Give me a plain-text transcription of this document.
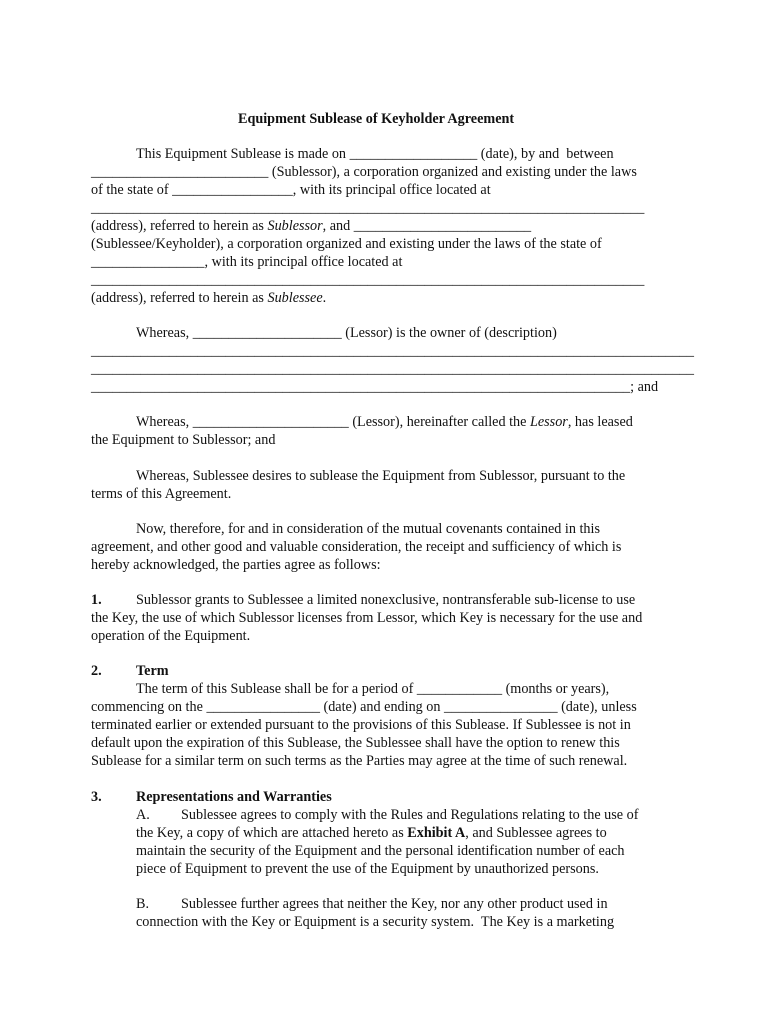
Equipment Sublease of Keyholder Agreement
This Equipment Sublease is made on __________________ (date), by and  between
_________________________ (Sublessor), a corporation organized and existing under the laws
of the state of _________________, with its principal office located at
______________________________________________________________________________
(address), referred to herein as Sublessor, and _________________________
(Sublessee/Keyholder), a corporation organized and existing under the laws of the state of
________________, with its principal office located at
______________________________________________________________________________
(address), referred to herein as Sublessee.
Whereas, _____________________ (Lessor) is the owner of (description)
_____________________________________________________________________________________
_____________________________________________________________________________________
____________________________________________________________________________; and
Whereas, ______________________ (Lessor), hereinafter called the Lessor, has leased
the Equipment to Sublessor; and
Whereas, Sublessee desires to sublease the Equipment from Sublessor, pursuant to the
terms of this Agreement.
Now, therefore, for and in consideration of the mutual covenants contained in this
agreement, and other good and valuable consideration, the receipt and sufficiency of which is
hereby acknowledged, the parties agree as follows:
1. Sublessor grants to Sublessee a limited nonexclusive, nontransferable sub-license to use
the Key, the use of which Sublessor licenses from Lessor, which Key is necessary for the use and
operation of the Equipment.
2. Term
The term of this Sublease shall be for a period of ____________ (months or years),
commencing on the ________________ (date) and ending on ________________ (date), unless
terminated earlier or extended pursuant to the provisions of this Sublease. If Sublessee is not in
default upon the expiration of this Sublease, the Sublessee shall have the option to renew this
Sublease for a similar term on such terms as the Parties may agree at the time of such renewal.
3. Representations and Warranties
A. Sublessee agrees to comply with the Rules and Regulations relating to the use of
the Key, a copy of which are attached hereto as Exhibit A, and Sublessee agrees to
maintain the security of the Equipment and the personal identification number of each
piece of Equipment to prevent the use of the Equipment by unauthorized persons.
B. Sublessee further agrees that neither the Key, nor any other product used in
connection with the Key or Equipment is a security system.  The Key is a marketing
